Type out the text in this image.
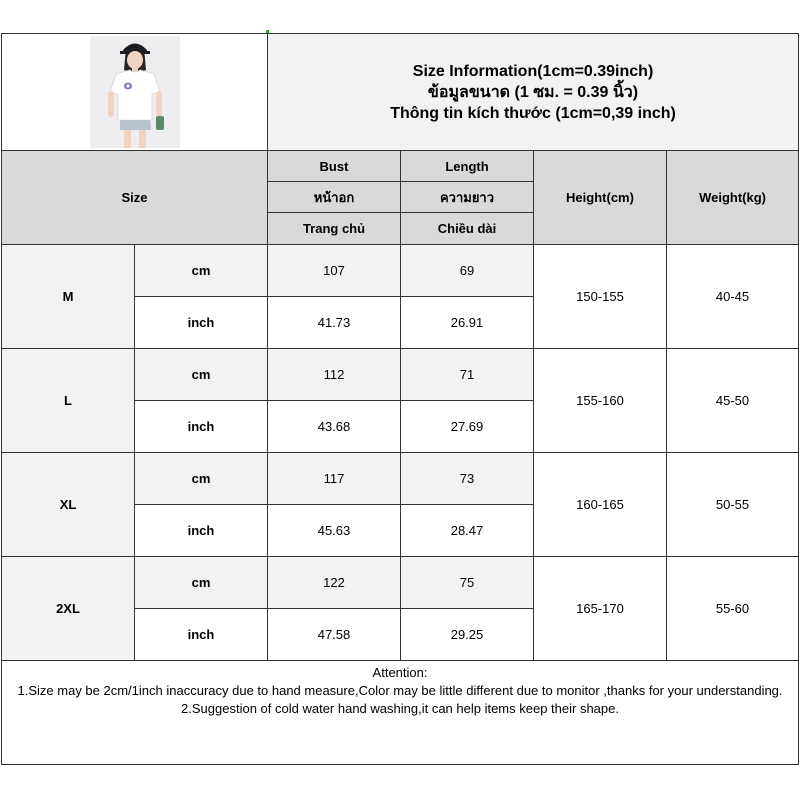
Size Information(1cm=0.39inch)
ข้อมูลขนาด (1 ซม. = 0.39 นิ้ว)
Thông tin kích thước (1cm=0,39 inch)			

Size		Bust	Length	Height(cm)	Weight(kg)
		หน้าอก	ความยาว		
		Trang chủ	Chiều dài		
M	cm	107	69	150-155	40-45
	inch	41.73	26.91		
L	cm	112	71	155-160	45-50
	inch	43.68	27.69		
XL	cm	117	73	160-165	50-55
	inch	45.63	28.47		
2XL	cm	122	75	165-170	55-60
	inch	47.58	29.25		

Attention:
1.Size may be 2cm/1inch inaccuracy due to hand measure,Color may be little different due to monitor ,thanks for your understanding.
2.Suggestion of cold water hand washing,it can help items keep their shape.					
